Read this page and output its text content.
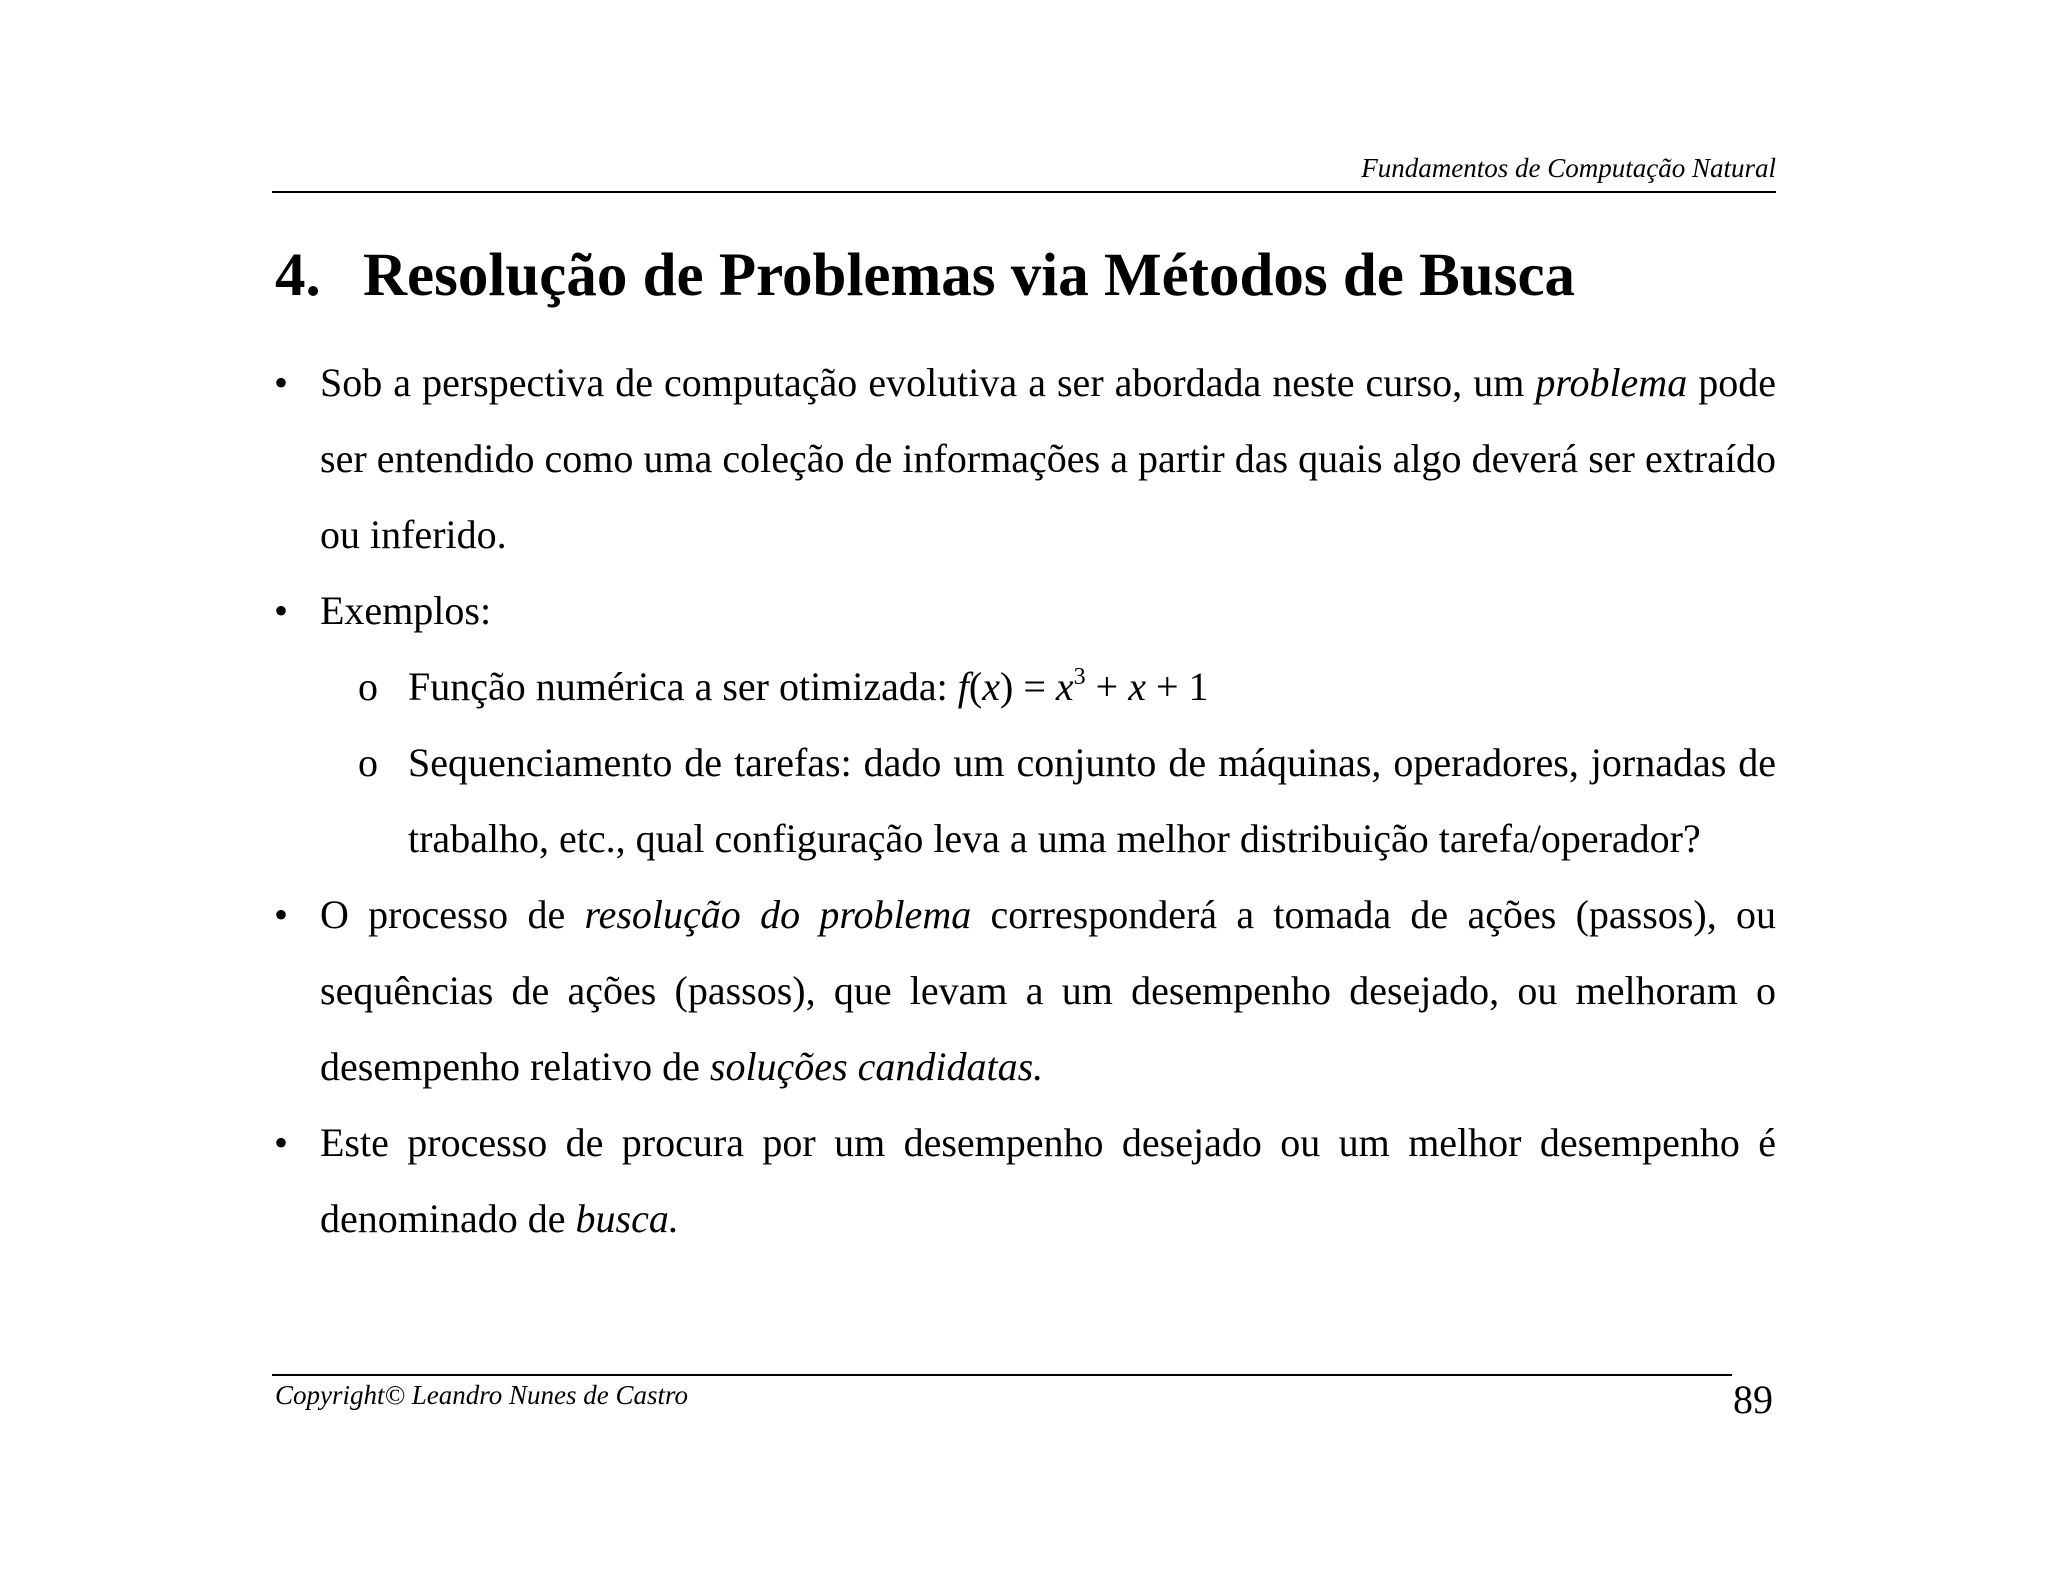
Fundamentos de Computação Natural
4. Resolução de Problemas via Métodos de Busca
• Sob a perspectiva de computação evolutiva a ser abordada neste curso, um problema pode ser entendido como uma coleção de informações a partir das quais algo deverá ser extraído ou inferido.
• Exemplos:
o Função numérica a ser otimizada: $f(x) = x^3 + x + 1$
o Sequenciamento de tarefas: dado um conjunto de máquinas, operadores, jornadas de trabalho, etc., qual configuração leva a uma melhor distribuição tarefa/operador?
• O processo de resolução do problema corresponderá a tomada de ações (passos), ou sequências de ações (passos), que levam a um desempenho desejado, ou melhoram o desempenho relativo de soluções candidatas.
• Este processo de procura por um desempenho desejado ou um melhor desempenho é denominado de busca.
Copyright© Leandro Nunes de Castro	89
